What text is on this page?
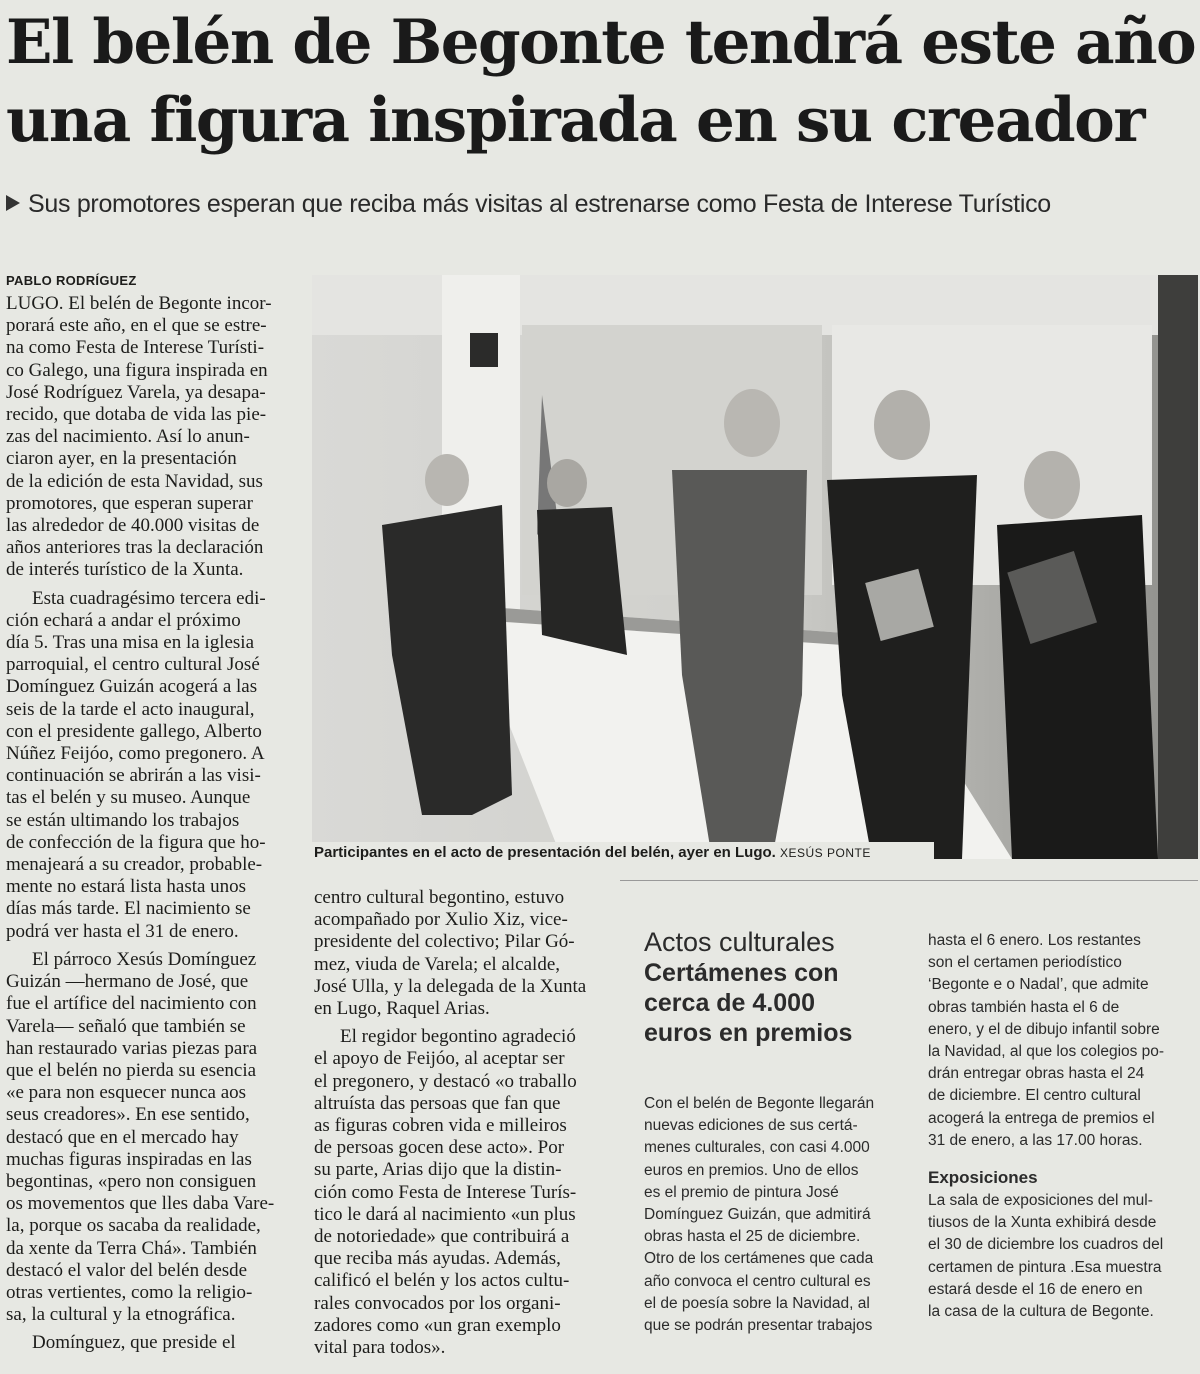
El belén de Begonte tendrá este año
una figura inspirada en su creador
Sus promotores esperan que reciba más visitas al estrenarse como Festa de Interese Turístico
PABLO RODRÍGUEZ

LUGO. El belén de Begonte incor-
porará este año, en el que se estre-
na como Festa de Interese Turísti-
co Galego, una figura inspirada en
José Rodríguez Varela, ya desapa-
recido, que dotaba de vida las pie-
zas del nacimiento. Así lo anun-
ciaron ayer, en la presentación
de la edición de esta Navidad, sus
promotores, que esperan superar
las alrededor de 40.000 visitas de
años anteriores tras la declaración
de interés turístico de la Xunta.

Esta cuadragésimo tercera edi-
ción echará a andar el próximo
día 5. Tras una misa en la iglesia
parroquial, el centro cultural José
Domínguez Guizán acogerá a las
seis de la tarde el acto inaugural,
con el presidente gallego, Alberto
Núñez Feijóo, como pregonero. A
continuación se abrirán a las visi-
tas el belén y su museo. Aunque
se están ultimando los trabajos
de confección de la figura que ho-
menajeará a su creador, probable-
mente no estará lista hasta unos
días más tarde. El nacimiento se
podrá ver hasta el 31 de enero.

El párroco Xesús Domínguez
Guizán —hermano de José, que
fue el artífice del nacimiento con
Varela— señaló que también se
han restaurado varias piezas para
que el belén no pierda su esencia
«e para non esquecer nunca aos
seus creadores». En ese sentido,
destacó que en el mercado hay
muchas figuras inspiradas en las
begontinas, «pero non consiguen
os movementos que lles daba Vare-
la, porque os sacaba da realidade,
da xente da Terra Chá». También
destacó el valor del belén desde
otras vertientes, como la religio-
sa, la cultural y la etnográfica.

Domínguez, que preside el

Participantes en el acto de presentación del belén, ayer en Lugo. XESÚS PONTE

centro cultural begontino, estuvo
acompañado por Xulio Xiz, vice-
presidente del colectivo; Pilar Gó-
mez, viuda de Varela; el alcalde,
José Ulla, y la delegada de la Xunta
en Lugo, Raquel Arias.

El regidor begontino agradeció
el apoyo de Feijóo, al aceptar ser
el pregonero, y destacó «o traballo
altruísta das persoas que fan que
as figuras cobren vida e milleiros
de persoas gocen dese acto». Por
su parte, Arias dijo que la distin-
ción como Festa de Interese Turís-
tico le dará al nacimiento «un plus
de notoriedade» que contribuirá a
que reciba más ayudas. Además,
calificó el belén y los actos cultu-
rales convocados por los organi-
zadores como «un gran exemplo
vital para todos».

Actos culturales
Certámenes con
cerca de 4.000
euros en premios

Con el belén de Begonte llegarán
nuevas ediciones de sus certá-
menes culturales, con casi 4.000
euros en premios. Uno de ellos
es el premio de pintura José
Domínguez Guizán, que admitirá
obras hasta el 25 de diciembre.
Otro de los certámenes que cada
año convoca el centro cultural es
el de poesía sobre la Navidad, al
que se podrán presentar trabajos

hasta el 6 enero. Los restantes
son el certamen periodístico
‘Begonte e o Nadal’, que admite
obras también hasta el 6 de
enero, y el de dibujo infantil sobre
la Navidad, al que los colegios po-
drán entregar obras hasta el 24
de diciembre. El centro cultural
acogerá la entrega de premios el
31 de enero, a las 17.00 horas.

Exposiciones

La sala de exposiciones del mul-
tiusos de la Xunta exhibirá desde
el 30 de diciembre los cuadros del
certamen de pintura .Esa muestra
estará desde el 16 de enero en
la casa de la cultura de Begonte.
